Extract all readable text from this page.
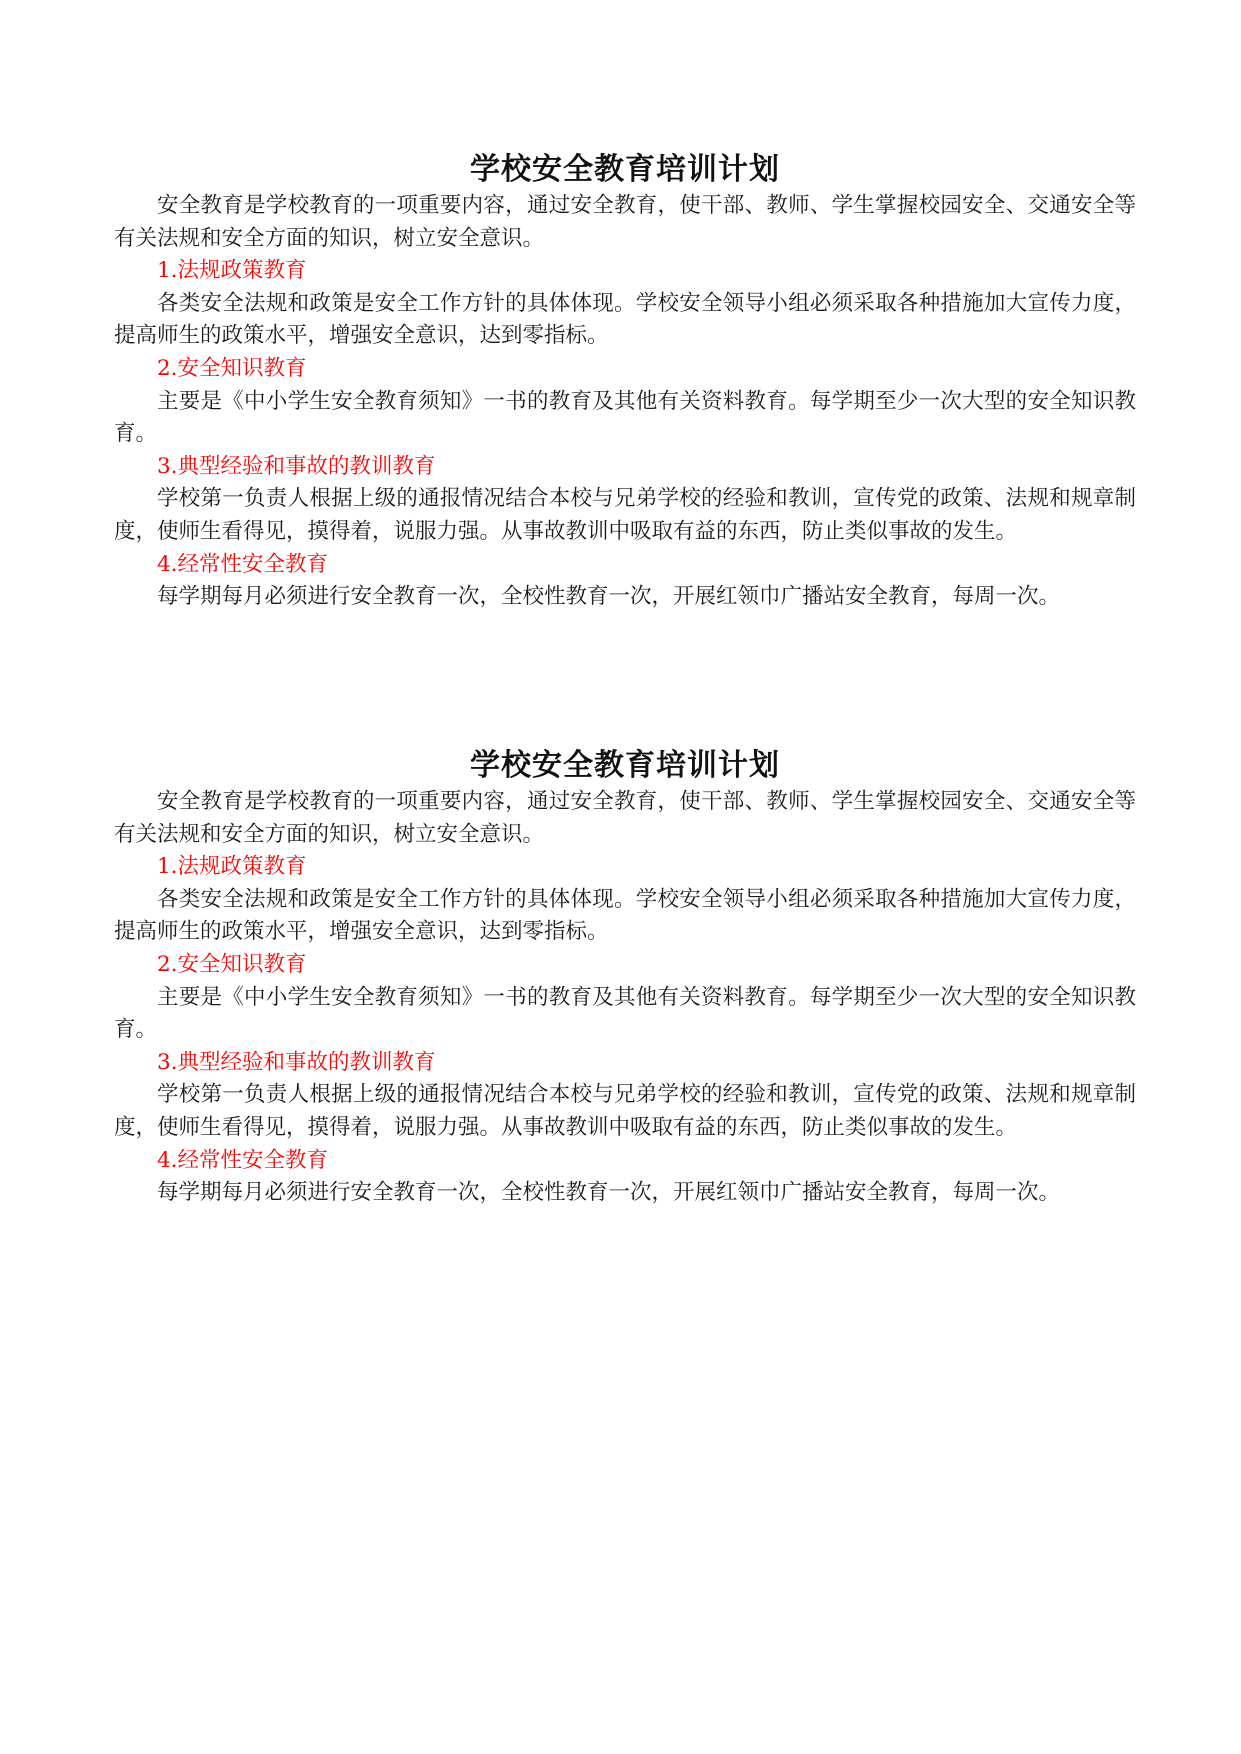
学校安全教育培训计划

安全教育是学校教育的一项重要内容，通过安全教育，使干部、教师、学生掌握校园安全、交通安全等有关法规和安全方面的知识，树立安全意识。

1.法规政策教育

各类安全法规和政策是安全工作方针的具体体现。学校安全领导小组必须采取各种措施加大宣传力度，提高师生的政策水平，增强安全意识，达到零指标。

2.安全知识教育

主要是《中小学生安全教育须知》一书的教育及其他有关资料教育。每学期至少一次大型的安全知识教育。

3.典型经验和事故的教训教育

学校第一负责人根据上级的通报情况结合本校与兄弟学校的经验和教训，宣传党的政策、法规和规章制度，使师生看得见，摸得着，说服力强。从事故教训中吸取有益的东西，防止类似事故的发生。

4.经常性安全教育

每学期每月必须进行安全教育一次，全校性教育一次，开展红领巾广播站安全教育，每周一次。

学校安全教育培训计划

安全教育是学校教育的一项重要内容，通过安全教育，使干部、教师、学生掌握校园安全、交通安全等有关法规和安全方面的知识，树立安全意识。

1.法规政策教育

各类安全法规和政策是安全工作方针的具体体现。学校安全领导小组必须采取各种措施加大宣传力度，提高师生的政策水平，增强安全意识，达到零指标。

2.安全知识教育

主要是《中小学生安全教育须知》一书的教育及其他有关资料教育。每学期至少一次大型的安全知识教育。

3.典型经验和事故的教训教育

学校第一负责人根据上级的通报情况结合本校与兄弟学校的经验和教训，宣传党的政策、法规和规章制度，使师生看得见，摸得着，说服力强。从事故教训中吸取有益的东西，防止类似事故的发生。

4.经常性安全教育

每学期每月必须进行安全教育一次，全校性教育一次，开展红领巾广播站安全教育，每周一次。
